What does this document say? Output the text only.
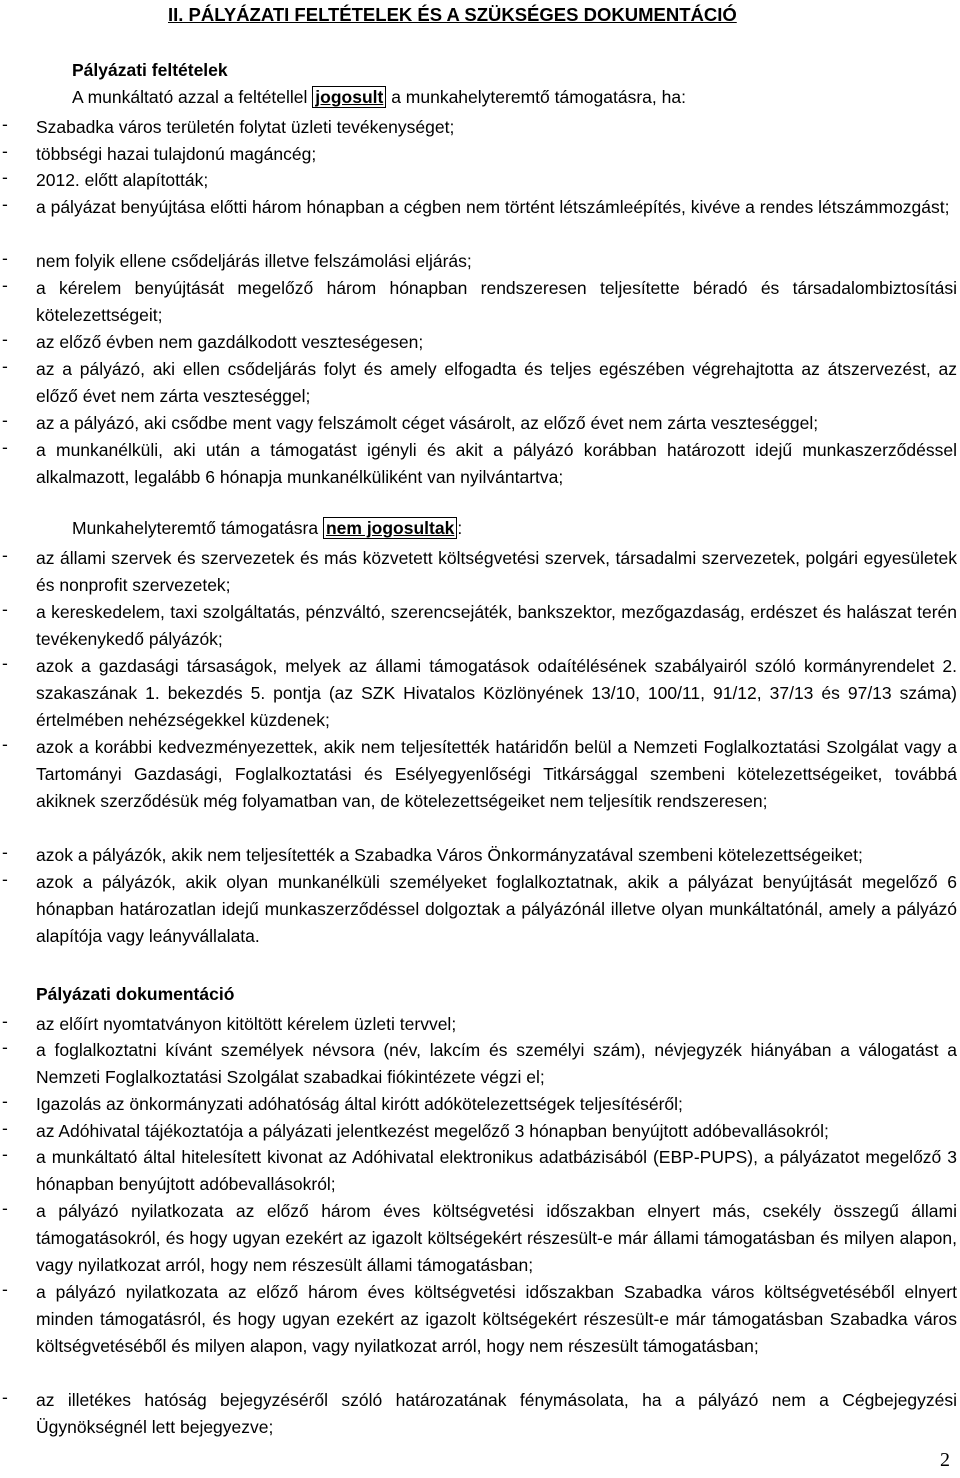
II. PÁLYÁZATI FELTÉTELEK ÉS A SZÜKSÉGES DOKUMENTÁCIÓ
Pályázati feltételek
A munkáltató azzal a feltétellel jogosult a munkahelyteremtő támogatásra, ha:
- Szabadka város területén folytat üzleti tevékenységet;
- többségi hazai tulajdonú magáncég;
- 2012. előtt alapították;
- a pályázat benyújtása előtti három hónapban a cégben nem történt létszámleépítés, kivéve a rendes létszámmozgást;
- nem folyik ellene csődeljárás illetve felszámolási eljárás;
- a kérelem benyújtását megelőző három hónapban rendszeresen teljesítette béradó és társadalombiztosítási kötelezettségeit;
- az előző évben nem gazdálkodott veszteségesen;
- az a pályázó, aki ellen csődeljárás folyt és amely elfogadta és teljes egészében végrehajtotta az átszervezést, az előző évet nem zárta veszteséggel;
- az a pályázó, aki csődbe ment vagy felszámolt céget vásárolt, az előző évet nem zárta veszteséggel;
- a munkanélküli, aki után a támogatást igényli és akit a pályázó korábban határozott idejű munkaszerződéssel alkalmazott, legalább 6 hónapja munkanélküliként van nyilvántartva;
Munkahelyteremtő támogatásra nem jogosultak :
- az állami szervek és szervezetek és más közvetett költségvetési szervek, társadalmi szervezetek, polgári egyesületek és nonprofit szervezetek;
- a kereskedelem, taxi szolgáltatás, pénzváltó, szerencsejáték, bankszektor, mezőgazdaság, erdészet és halászat terén tevékenykedő pályázók;
- azok a gazdasági társaságok, melyek az állami támogatások odaítélésének szabályairól szóló kormányrendelet 2. szakaszának 1. bekezdés 5. pontja (az SZK Hivatalos Közlönyének 13/10, 100/11, 91/12, 37/13 és 97/13 száma) értelmében nehézségekkel küzdenek;
- azok a korábbi kedvezményezettek, akik nem teljesítették határidőn belül a Nemzeti Foglalkoztatási Szolgálat vagy a Tartományi Gazdasági, Foglalkoztatási és Esélyegyenlőségi Titkársággal szembeni kötelezettségeiket, továbbá akiknek szerződésük még folyamatban van, de kötelezettségeiket nem teljesítik rendszeresen;
- azok a pályázók, akik nem teljesítették a Szabadka Város Önkormányzatával szembeni kötelezettségeiket;
- azok a pályázók, akik olyan munkanélküli személyeket foglalkoztatnak, akik a pályázat benyújtását megelőző 6 hónapban határozatlan idejű munkaszerződéssel dolgoztak a pályázónál illetve olyan munkáltatónál, amely a pályázó alapítója vagy leányvállalata.
Pályázati dokumentáció
- az előírt nyomtatványon kitöltött kérelem üzleti tervvel;
- a foglalkoztatni kívánt személyek névsora (név, lakcím és személyi szám), névjegyzék hiányában a válogatást a Nemzeti Foglalkoztatási Szolgálat szabadkai fiókintézete végzi el;
- Igazolás az önkormányzati adóhatóság által kirótt adókötelezettségek teljesítéséről;
- az Adóhivatal tájékoztatója a pályázati jelentkezést megelőző 3 hónapban benyújtott adóbevallásokról;
- a munkáltató által hitelesített kivonat az Adóhivatal elektronikus adatbázisából (EBP-PUPS), a pályázatot megelőző 3 hónapban benyújtott adóbevallásokról;
- a pályázó nyilatkozata az előző három éves költségvetési időszakban elnyert más, csekély összegű állami támogatásokról, és hogy ugyan ezekért az igazolt költségekért részesült-e már állami támogatásban és milyen alapon, vagy nyilatkozat arról, hogy nem részesült állami támogatásban;
- a pályázó nyilatkozata az előző három éves költségvetési időszakban Szabadka város költségvetéséből elnyert minden támogatásról, és hogy ugyan ezekért az igazolt költségekért részesült-e már támogatásban Szabadka város költségvetéséből és milyen alapon, vagy nyilatkozat arról, hogy nem részesült támogatásban;
- az illetékes hatóság bejegyzéséről szóló határozatának fénymásolata, ha a pályázó nem a Cégbejegyzési Ügynökségnél lett bejegyezve;
2
